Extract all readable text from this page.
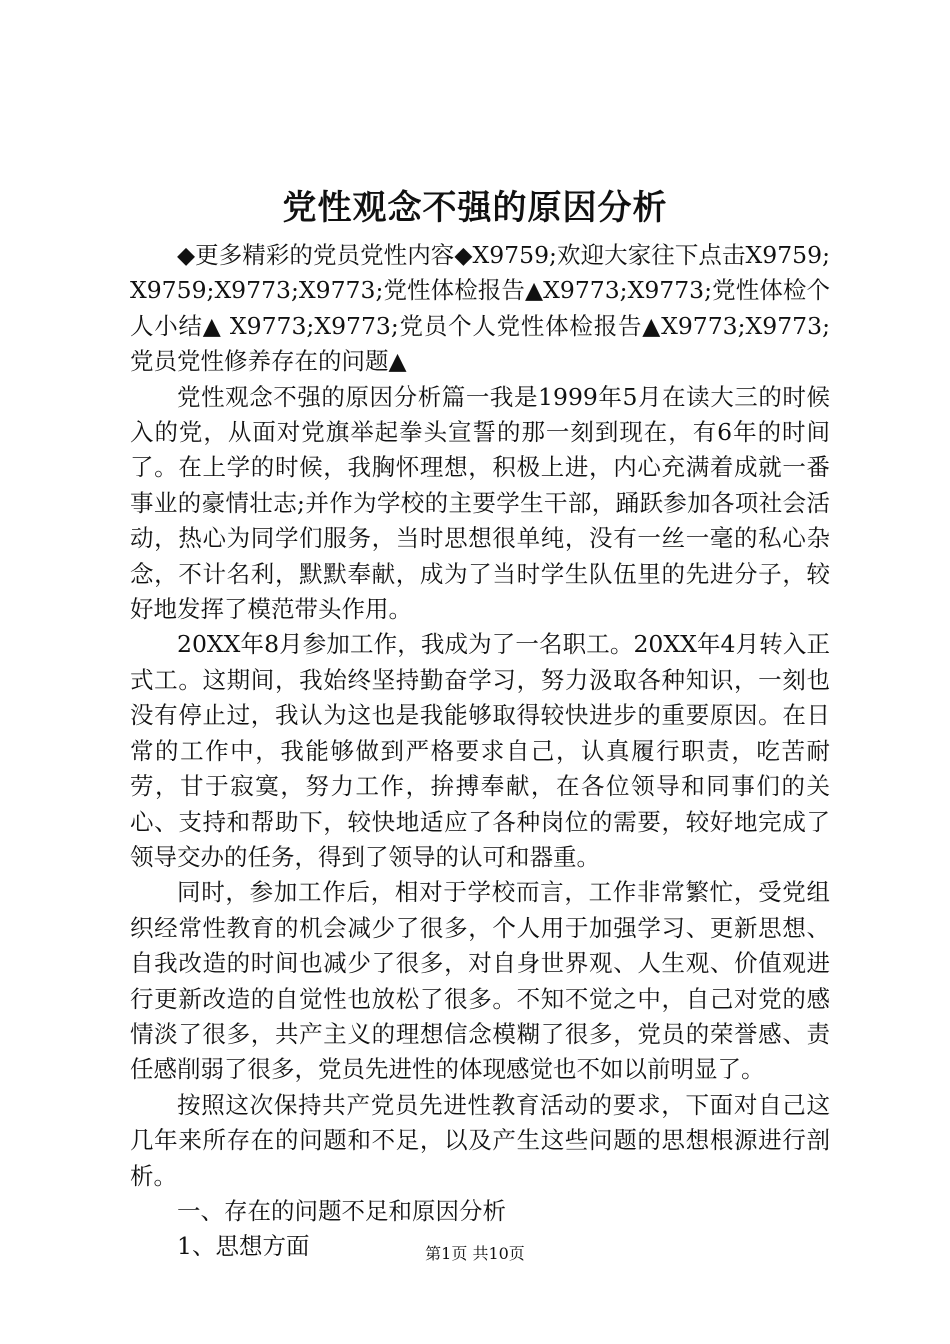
党性观念不强的原因分析

◆更多精彩的党员党性内容◆X9759;欢迎大家往下点击X9759;X9759;X9773;X9773;党性体检报告▲X9773;X9773;党性体检个人小结▲ X9773;X9773;党员个人党性体检报告▲X9773;X9773;党员党性修养存在的问题▲

党性观念不强的原因分析篇一我是1999年5月在读大三的时候入的党，从面对党旗举起拳头宣誓的那一刻到现在，有6年的时间了。在上学的时候，我胸怀理想，积极上进，内心充满着成就一番事业的豪情壮志;并作为学校的主要学生干部，踊跃参加各项社会活动，热心为同学们服务，当时思想很单纯，没有一丝一毫的私心杂念，不计名利，默默奉献，成为了当时学生队伍里的先进分子，较好地发挥了模范带头作用。

20XX年8月参加工作，我成为了一名职工。20XX年4月转入正式工。这期间，我始终坚持勤奋学习，努力汲取各种知识，一刻也没有停止过，我认为这也是我能够取得较快进步的重要原因。在日常的工作中，我能够做到严格要求自己，认真履行职责，吃苦耐劳，甘于寂寞，努力工作，拚搏奉献，在各位领导和同事们的关心、支持和帮助下，较快地适应了各种岗位的需要，较好地完成了领导交办的任务，得到了领导的认可和器重。

同时，参加工作后，相对于学校而言，工作非常繁忙，受党组织经常性教育的机会减少了很多，个人用于加强学习、更新思想、自我改造的时间也减少了很多，对自身世界观、人生观、价值观进行更新改造的自觉性也放松了很多。不知不觉之中，自己对党的感情淡了很多，共产主义的理想信念模糊了很多，党员的荣誉感、责任感削弱了很多，党员先进性的体现感觉也不如以前明显了。

按照这次保持共产党员先进性教育活动的要求，下面对自己这几年来所存在的问题和不足，以及产生这些问题的思想根源进行剖析。

一、存在的问题不足和原因分析

1、思想方面	第1页 共10页
